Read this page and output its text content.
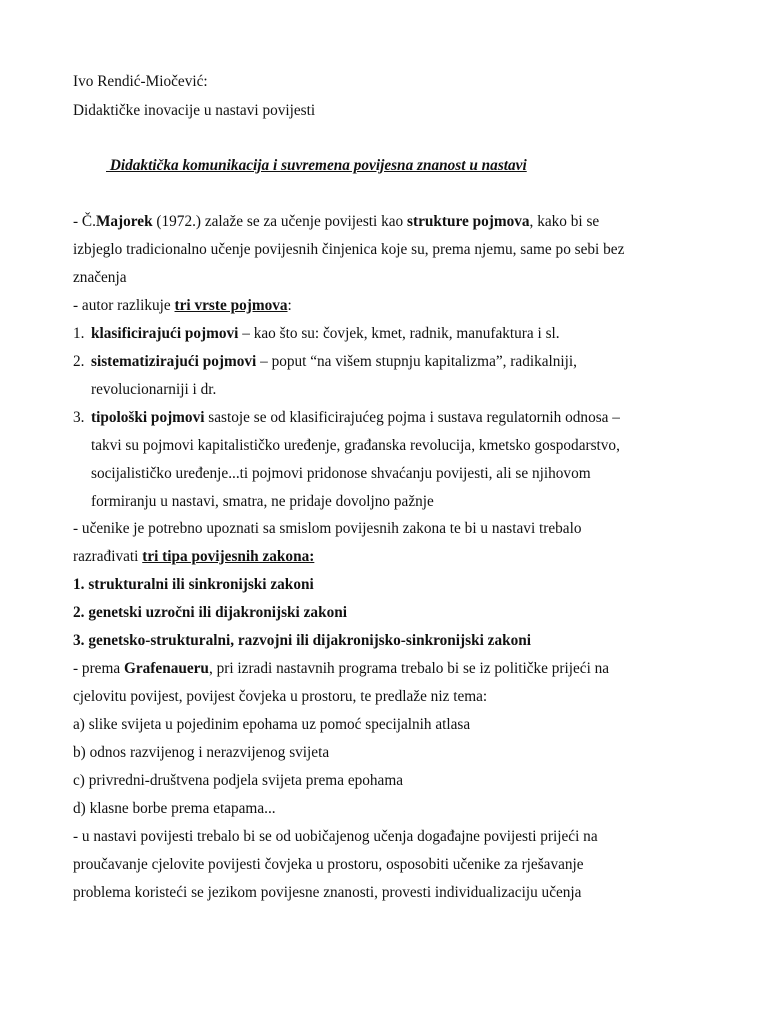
Ivo Rendić-Miočević:
Didaktičke inovacije u nastavi povijesti
Didaktička komunikacija i suvremena povijesna znanost u nastavi
- Č.Majorek (1972.) zalaže se za učenje povijesti kao strukture pojmova, kako bi se
izbjeglo tradicionalno učenje povijesnih činjenica koje su, prema njemu, same po sebi bez
značenja
- autor razlikuje tri vrste pojmova:
1. klasificirajući pojmovi – kao što su: čovjek, kmet, radnik, manufaktura i sl.
2. sistematizirajući pojmovi – poput “na višem stupnju kapitalizma”, radikalniji,
revolucionarniji i dr.
3. tipološki pojmovi sastoje se od klasificirajućeg pojma i sustava regulatornih odnosa –
takvi su pojmovi kapitalističko uređenje, građanska revolucija, kmetsko gospodarstvo,
socijalističko uređenje...ti pojmovi pridonose shvaćanju povijesti, ali se njihovom
formiranju u nastavi, smatra, ne pridaje dovoljno pažnje
- učenike je potrebno upoznati sa smislom povijesnih zakona te bi u nastavi trebalo
razrađivati tri tipa povijesnih zakona:
1. strukturalni ili sinkronijski zakoni
2. genetski uzročni ili dijakronijski zakoni
3. genetsko-strukturalni, razvojni ili dijakronijsko-sinkronijski zakoni
- prema Grafenaueru, pri izradi nastavnih programa trebalo bi se iz političke prijeći na
cjelovitu povijest, povijest čovjeka u prostoru, te predlaže niz tema:
a) slike svijeta u pojedinim epohama uz pomoć specijalnih atlasa
b) odnos razvijenog i nerazvijenog svijeta
c) privredni-društvena podjela svijeta prema epohama
d) klasne borbe prema etapama...
- u nastavi povijesti trebalo bi se od uobičajenog učenja događajne povijesti prijeći na
proučavanje cjelovite povijesti čovjeka u prostoru, osposobiti učenike za rješavanje
problema koristeći se jezikom povijesne znanosti, provesti individualizaciju učenja
